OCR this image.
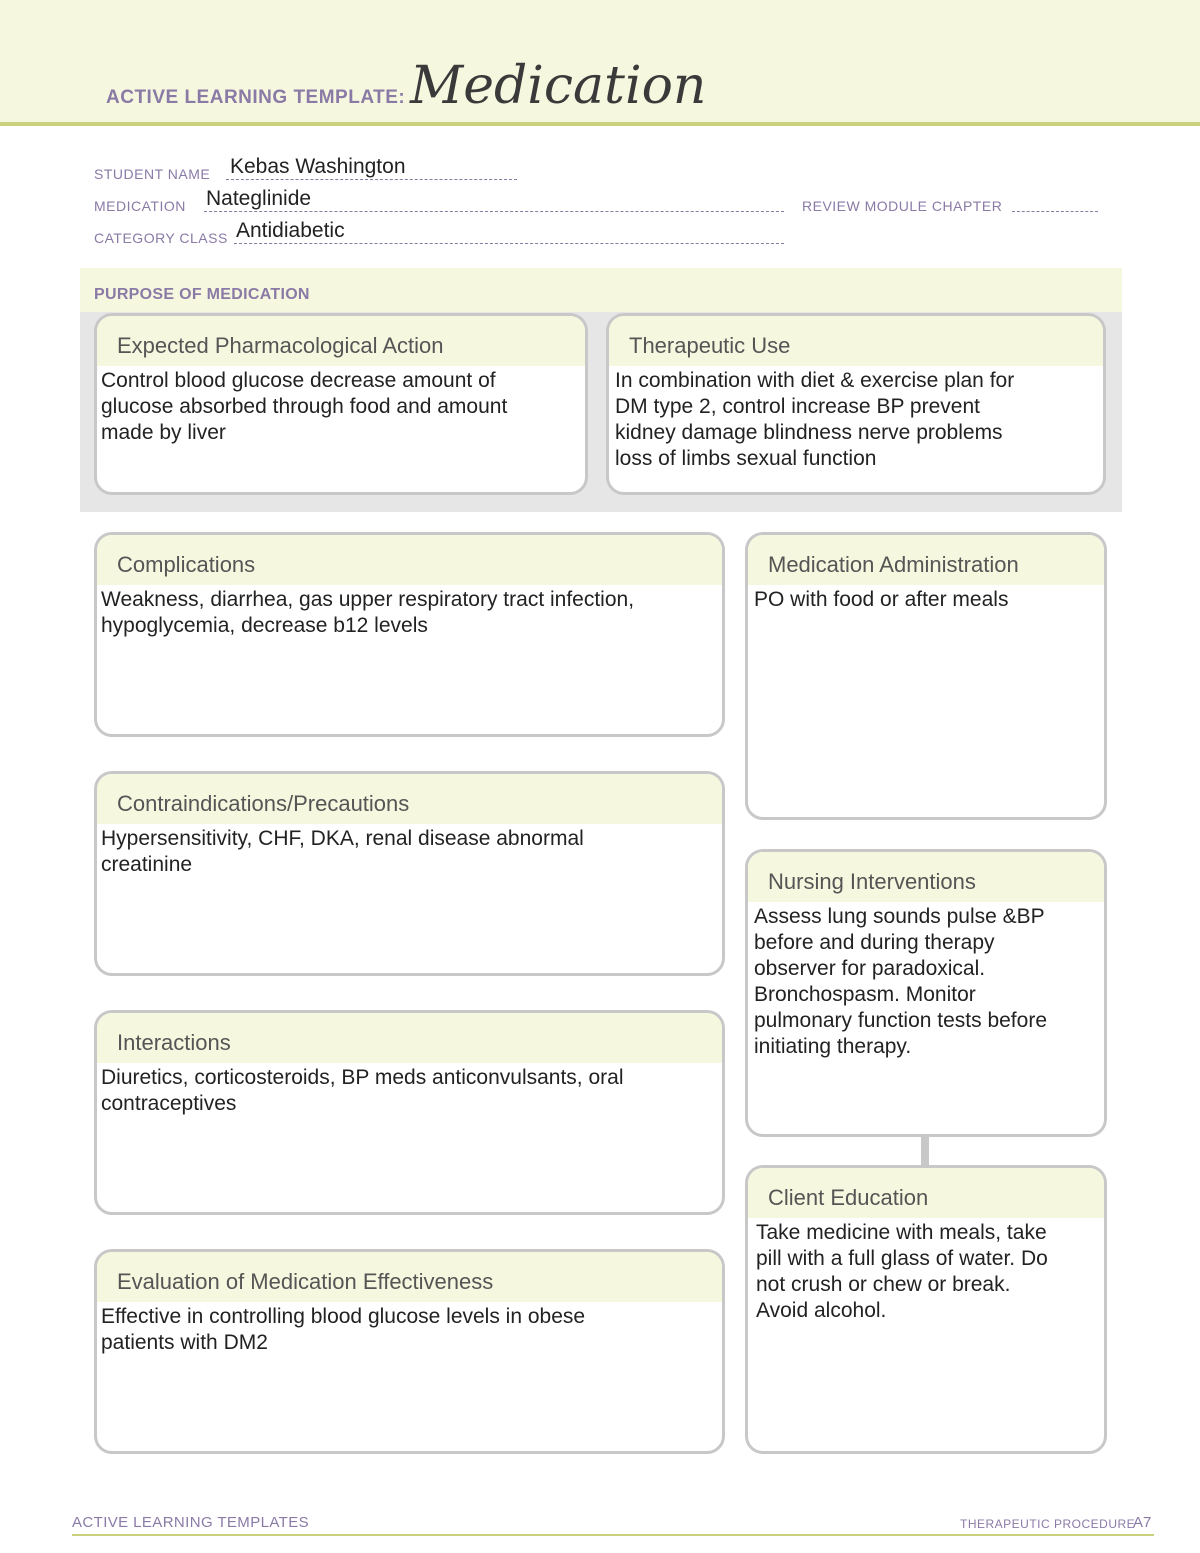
ACTIVE LEARNING TEMPLATE: Medication
STUDENT NAME Kebas Washington
MEDICATION Nateglinide	REVIEW MODULE CHAPTER
CATEGORY CLASS Antidiabetic
PURPOSE OF MEDICATION
Expected Pharmacological Action
Control blood glucose decrease amount of
glucose absorbed through food and amount
made by liver
Therapeutic Use
In combination with diet & exercise plan for
DM type 2, control increase BP prevent
kidney damage blindness nerve problems
loss of limbs sexual function
Complications
Weakness, diarrhea, gas upper respiratory tract infection,
hypoglycemia, decrease b12 levels
Contraindications/Precautions
Hypersensitivity, CHF, DKA, renal disease abnormal
creatinine
Interactions
Diuretics, corticosteroids, BP meds anticonvulsants, oral
contraceptives
Evaluation of Medication Effectiveness
Effective in controlling blood glucose levels in obese
patients with DM2
Medication Administration
PO with food or after meals
Nursing Interventions
Assess lung sounds pulse &BP
before and during therapy
observer for paradoxical.
Bronchospasm. Monitor
pulmonary function tests before
initiating therapy.
Client Education
Take medicine with meals, take
pill with a full glass of water. Do
not crush or chew or break.
Avoid alcohol.
ACTIVE LEARNING TEMPLATES	THERAPEUTIC PROCEDURE
A7
